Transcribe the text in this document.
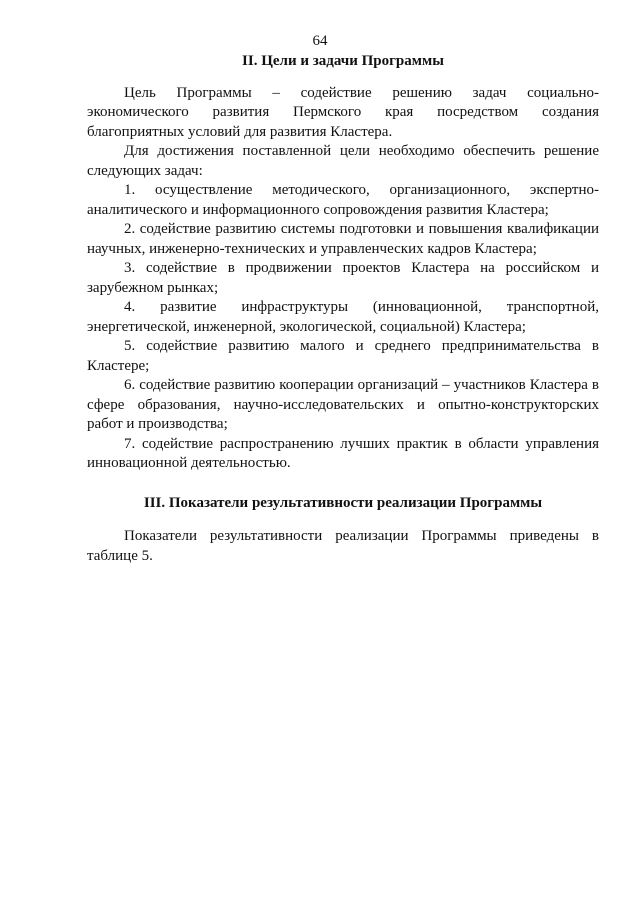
64
II. Цели и задачи Программы

Цель Программы – содействие решению задач социально-экономического развития Пермского края посредством создания благоприятных условий для развития Кластера.

Для достижения поставленной цели необходимо обеспечить решение следующих задач:

1. осуществление методического, организационного, экспертно-аналитического и информационного сопровождения развития Кластера;

2. содействие развитию системы подготовки и повышения квалификации научных, инженерно-технических и управленческих кадров Кластера;

3. содействие в продвижении проектов Кластера на российском и зарубежном рынках;

4. развитие инфраструктуры (инновационной, транспортной, энергетической, инженерной, экологической, социальной) Кластера;

5. содействие развитию малого и среднего предпринимательства в Кластере;

6. содействие развитию кооперации организаций – участников Кластера в сфере образования, научно-исследовательских и опытно-конструкторских работ и производства;

7. содействие распространению лучших практик в области управления инновационной деятельностью.

III. Показатели результативности реализации Программы

Показатели результативности реализации Программы приведены в таблице 5.
